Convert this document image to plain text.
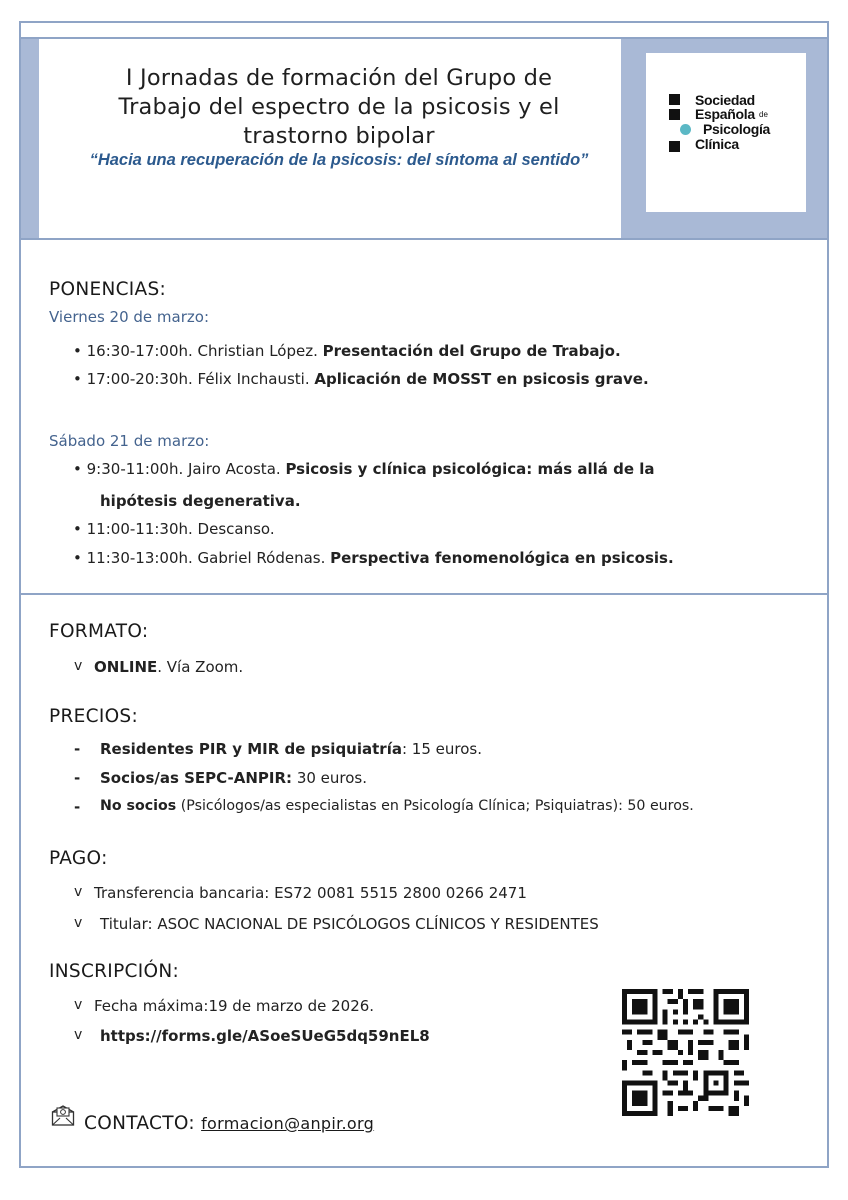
I Jornadas de formación del Grupo de
Trabajo del espectro de la psicosis y el
trastorno bipolar
“Hacia una recuperación de la psicosis: del síntoma al sentido”
Sociedad
Española de
Psicología
Clínica
PONENCIAS:
Viernes 20 de marzo:
• 16:30-17:00h. Christian López. Presentación del Grupo de Trabajo.
• 17:00-20:30h. Félix Inchausti. Aplicación de MOSST en psicosis grave.
Sábado 21 de marzo:
• 9:30-11:00h. Jairo Acosta. Psicosis y clínica psicológica: más allá de la
hipótesis degenerativa.
• 11:00-11:30h. Descanso.
• 11:30-13:00h. Gabriel Ródenas. Perspectiva fenomenológica en psicosis.
FORMATO:
v ONLINE. Vía Zoom.
PRECIOS:
- Residentes PIR y MIR de psiquiatría: 15 euros.
- Socios/as SEPC-ANPIR: 30 euros.
- No socios (Psicólogos/as especialistas en Psicología Clínica; Psiquiatras): 50 euros.
PAGO:
v Transferencia bancaria: ES72 0081 5515 2800 0266 2471
v Titular: ASOC NACIONAL DE PSICÓLOGOS CLÍNICOS Y RESIDENTES
INSCRIPCIÓN:
v Fecha máxima:19 de marzo de 2026.
v https://forms.gle/ASoeSUeG5dq59nEL8
CONTACTO: formacion@anpir.org
